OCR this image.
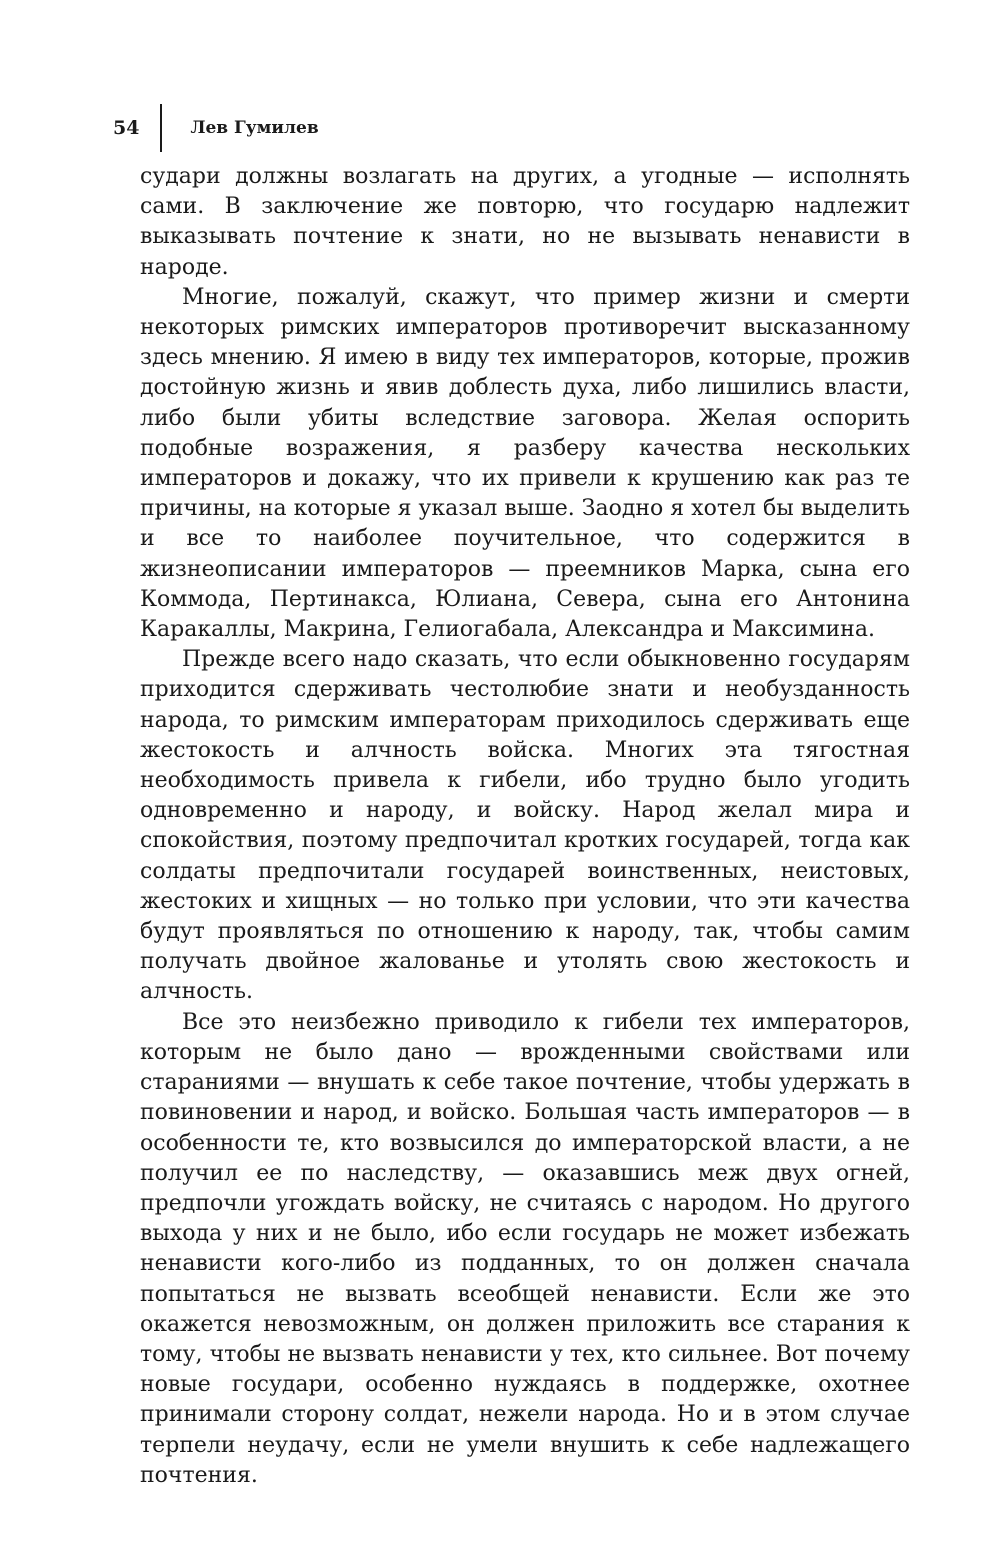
54	Лев Гумилев

судари должны возлагать на других, а угодные — исполнять сами. В заключение же повторю, что государю надлежит выказывать почтение к знати, но не вызывать ненависти в народе.

Многие, пожалуй, скажут, что пример жизни и смерти некоторых римских императоров противоречит высказанному здесь мнению. Я имею в виду тех императоров, которые, прожив достойную жизнь и явив доблесть духа, либо лишились власти, либо были убиты вследствие заговора. Желая оспорить подобные возражения, я разберу качества нескольких императоров и докажу, что их привели к крушению как раз те причины, на которые я указал выше. Заодно я хотел бы выделить и все то наиболее поучительное, что содержится в жизнеописании императоров — преемников Марка, сына его Коммода, Пертинакса, Юлиана, Севера, сына его Антонина Каракаллы, Макрина, Гелиогабала, Александра и Максимина.

Прежде всего надо сказать, что если обыкновенно государям приходится сдерживать честолюбие знати и необузданность народа, то римским императорам приходилось сдерживать еще жестокость и алчность войска. Многих эта тягостная необходимость привела к гибели, ибо трудно было угодить одновременно и народу, и войску. Народ желал мира и спокойствия, поэтому предпочитал кротких государей, тогда как солдаты предпочитали государей воинственных, неистовых, жестоких и хищных — но только при условии, что эти качества будут проявляться по отношению к народу, так, чтобы самим получать двойное жалованье и утолять свою жестокость и алчность.

Все это неизбежно приводило к гибели тех императоров, которым не было дано — врожденными свойствами или стараниями — внушать к себе такое почтение, чтобы удержать в повиновении и народ, и войско. Большая часть императоров — в особенности те, кто возвысился до императорской власти, а не получил ее по наследству, — оказавшись меж двух огней, предпочли угождать войску, не считаясь с народом. Но другого выхода у них и не было, ибо если государь не может избежать ненависти кого-либо из подданных, то он должен сначала попытаться не вызвать всеобщей ненависти. Если же это окажется невозможным, он должен приложить все старания к тому, чтобы не вызвать ненависти у тех, кто сильнее. Вот почему новые государи, особенно нуждаясь в поддержке, охотнее принимали сторону солдат, нежели народа. Но и в этом случае терпели неудачу, если не умели внушить к себе надлежащего почтения.
